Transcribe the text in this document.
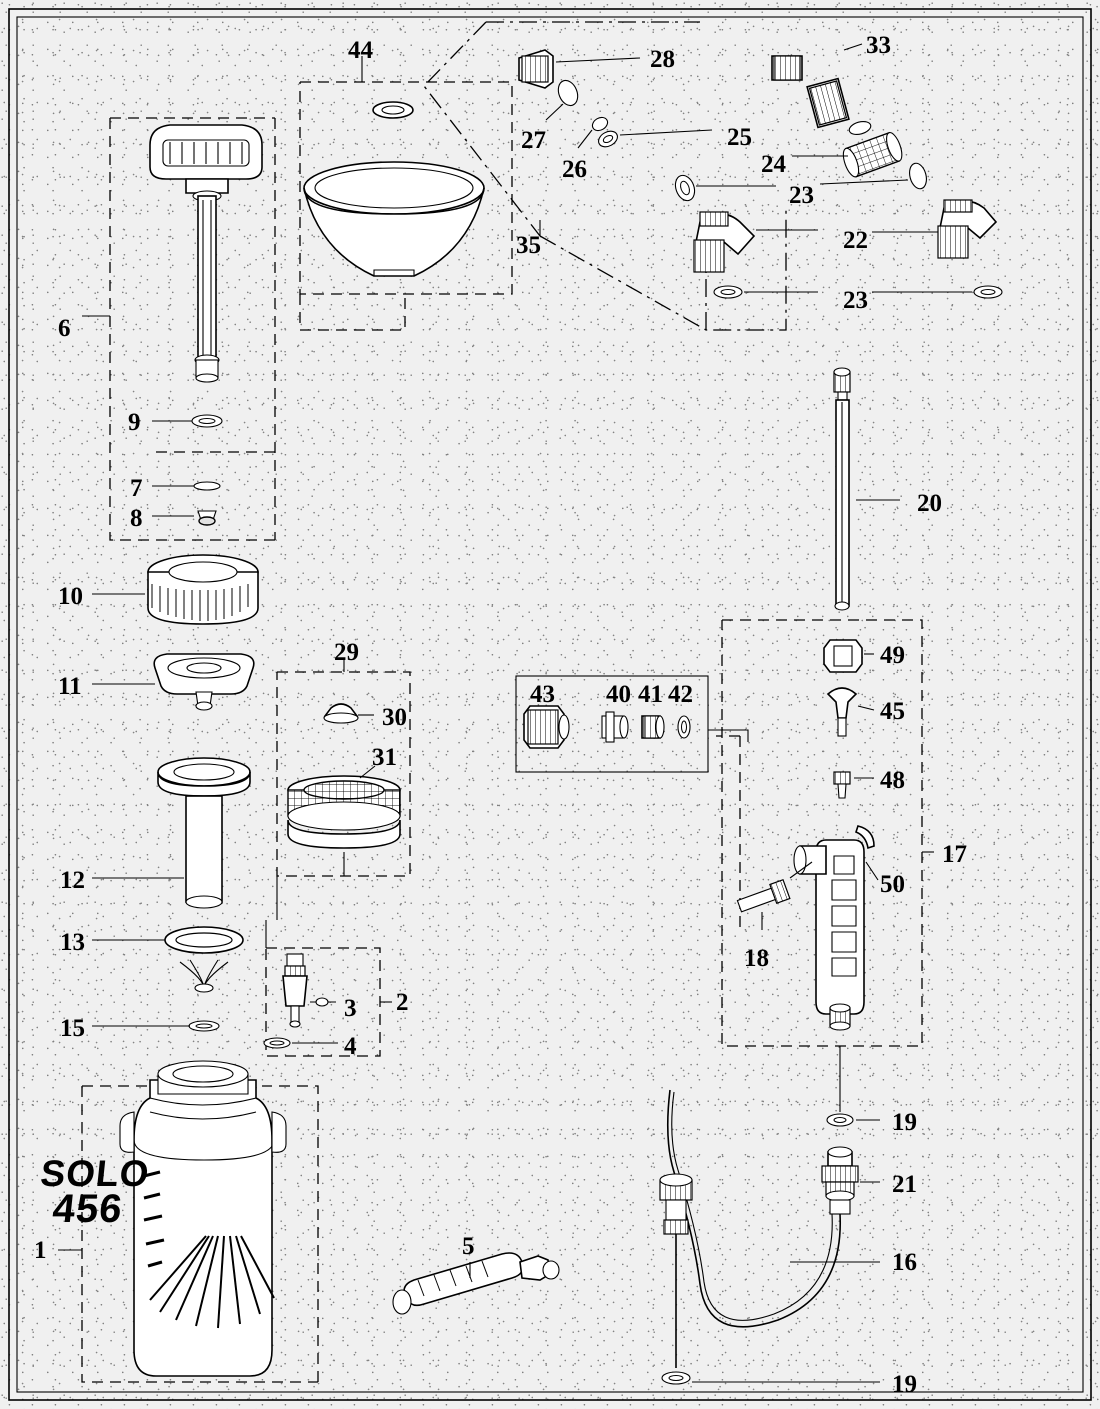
SOLO
456
44	28
33
27	25
26	24
23
35	22
23
6
20
9
7
8
10
49
11
29
43 40 41 42
45
30
31
48
17
12	50
18
13
3 2
15
4
19
21
5
1	16
19
